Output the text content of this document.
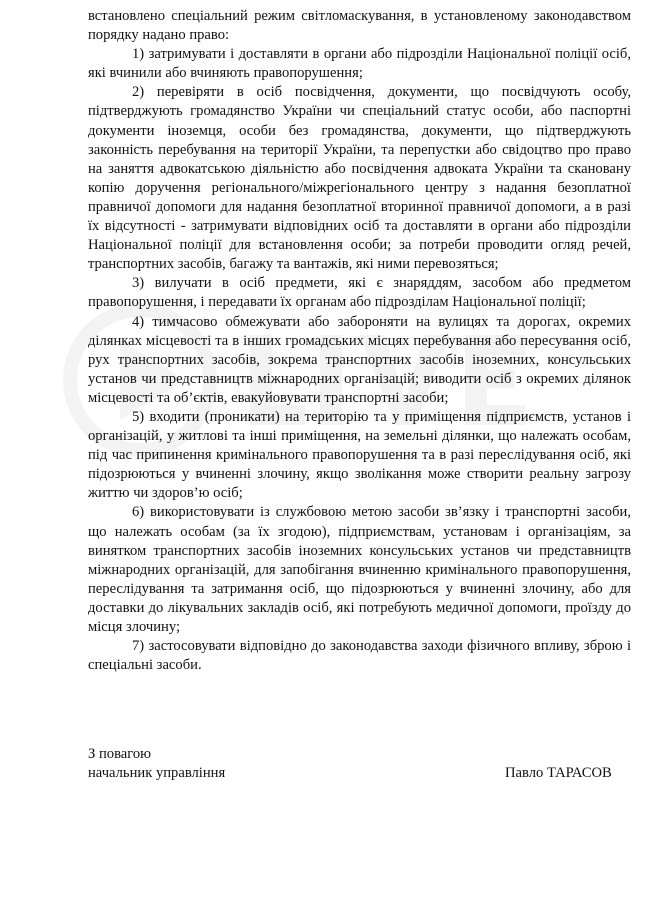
встановлено спеціальний режим світломаскування, в установленому законодавством порядку надано право:

1) затримувати і доставляти в органи або підрозділи Національної поліції осіб, які вчинили або вчиняють правопорушення;

2) перевіряти в осіб посвідчення, документи, що посвідчують особу, підтверджують громадянство України чи спеціальний статус особи, або паспортні документи іноземця, особи без громадянства, документи, що підтверджують законність перебування на території України, та перепустки або свідоцтво про право на заняття адвокатською діяльністю або посвідчення адвоката України та скановану копію доручення регіонального/міжрегіонального центру з надання безоплатної правничої допомоги для надання безоплатної вторинної правничої допомоги, а в разі їх відсутності - затримувати відповідних осіб та доставляти в органи або підрозділи Національної поліції для встановлення особи; за потреби проводити огляд речей, транспортних засобів, багажу та вантажів, які ними перевозяться;

3) вилучати в осіб предмети, які є знаряддям, засобом або предметом правопорушення, і передавати їх органам або підрозділам Національної поліції;

4) тимчасово обмежувати або забороняти на вулицях та дорогах, окремих ділянках місцевості та в інших громадських місцях перебування або пересування осіб, рух транспортних засобів, зокрема транспортних засобів іноземних, консульських установ чи представництв міжнародних організацій; виводити осіб з окремих ділянок місцевості та об’єктів, евакуйовувати транспортні засоби;

5) входити (проникати) на територію та у приміщення підприємств, установ і організацій, у житлові та інші приміщення, на земельні ділянки, що належать особам, під час припинення кримінального правопорушення та в разі переслідування осіб, які підозрюються у вчиненні злочину, якщо зволікання може створити реальну загрозу життю чи здоров’ю осіб;

6) використовувати із службовою метою засоби зв’язку і транспортні засоби, що належать особам (за їх згодою), підприємствам, установам і організаціям, за винятком транспортних засобів іноземних консульських установ чи представництв міжнародних організацій, для запобігання вчиненню кримінального правопорушення, переслідування та затримання осіб, що підозрюються у вчиненні злочину, або для доставки до лікувальних закладів осіб, які потребують медичної допомоги, проїзду до місця злочину;

7) застосовувати відповідно до законодавства заходи фізичного впливу, зброю і спеціальні засоби.

З повагою
начальник управління	Павло ТАРАСОВ
